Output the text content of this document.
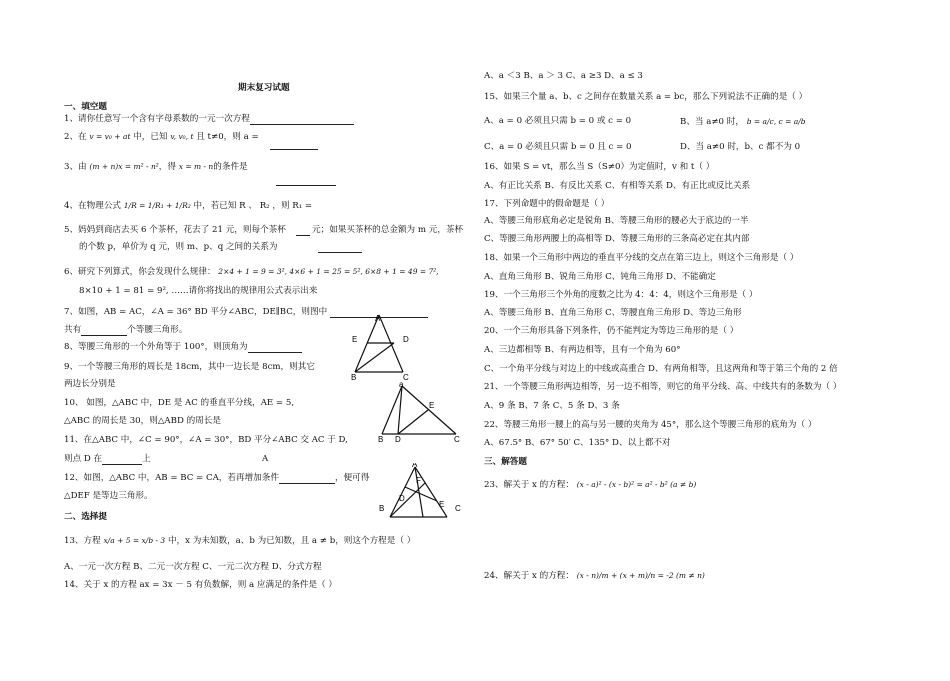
期末复习试题
一、填空题
1、请你任意写一个含有字母系数的一元一次方程
2、在 v = v₀ + at 中，已知 v, v₀, t 且 t≠0，则 a =
3、由 (m + n)x = m² - n²，得 x = m - n的条件是
4、在物理公式 1/R = 1/R₁ + 1/R₂ 中，若已知 R 、 R₂ ，则 R₁ =
5、妈妈到商店去买 6 个茶杯，花去了 21 元，则每个茶杯	元；如果买茶杯的总金额为 m 元，茶杯
的个数 p，单价为 q 元，则 m、p、q 之间的关系为
6、研究下列算式，你会发现什么规律： 2×4 + 1 = 9 = 3², 4×6 + 1 = 25 = 5², 6×8 + 1 = 49 = 7²,
8×10 + 1 = 81 = 9², ……请你将找出的规律用公式表示出来
7、如图，AB = AC，∠A = 36° BD 平分∠ABC，DE∥BC，则图中
共有	个等腰三角形。
8、等腰三角形的一个外角等于 100°，则顶角为
9、一个等腰三角形的周长是 18cm，其中一边长是 8cm，则其它
两边长分别是
10、 如图，△ABC 中，DE 是 AC 的垂直平分线，AE = 5,
△ABC 的周长是 30，则△ABD 的周长是
11、在△ABC 中，∠C = 90°，∠A = 30°，BD 平分∠ABC 交 AC 于 D,
则点 D 在	上
12、如图，△ABC 中，AB = BC = CA，若再增加条件	，便可得
△DEF 是等边三角形。
二、选择提
13、方程 x/a + 5 = x/b - 3 中，x 为未知数，a、b 为已知数，且 a ≠ b，则这个方程是（ ）
A、一元一次方程 B、二元一次方程 C、一元二次方程 D、分式方程
14、关于 x 的方程 ax = 3x － 5 有负数解，则 a 应满足的条件是（ ）
A
B	C
D
E
a
B D	C
E
A
A
B	C
D
E
F
A、a ＜3 B、a ＞ 3 C、a ≥3 D、a ≤ 3
15、如果三个量 a、b、c 之间存在数量关系 a = bc，那么下列说法不正确的是（ ）
A、a = 0 必须且只需 b = 0 或 c = 0	B、当 a≠0 时， b = a/c, c = a/b
C、a = 0 必须且只需 b = 0 且 c = 0	D、当 a≠0 时，b、c 都不为 0
16、如果 S = vt，那么当 S（S≠0）为定值时，v 和 t（ ）
A、有正比关系 B、有反比关系 C、有相等关系 D、有正比或反比关系
17、下列命题中的假命题是（ ）
A、等腰三角形底角必定是锐角 B、等腰三角形的腰必大于底边的一半
C、等腰三角形两腰上的高相等 D、等腰三角形的三条高必定在其内部
18、如果一个三角形中两边的垂直平分线的交点在第三边上，则这个三角形是（ ）
A、直角三角形 B、锐角三角形 C、钝角三角形 D、不能确定
19、一个三角形三个外角的度数之比为 4：4：4，则这个三角形是（ ）
A、等腰三角形 B、直角三角形 C、等腰直角三角形 D、等边三角形
20、一个三角形具备下列条件，仍不能判定为等边三角形的是（ ）
A、三边都相等 B、有两边相等，且有一个角为 60°
C、一个角平分线与对边上的中线或高重合 D、有两角相等，且这两角和等于第三个角的 2 倍
21、一个等腰三角形两边相等，另一边不相等，则它的角平分线、高、中线共有的条数为（ ）
A、9 条 B、7 条 C、5 条 D、3 条
22、等腰三角形一腰上的高与另一腰的夹角为 45°，那么这个等腰三角形的底角为（ ）
A、67.5° B、67° 50′ C、135° D、以上都不对
三、解答题
23、解关于 x 的方程： (x - a)² - (x - b)² = a² - b² (a ≠ b)
24、解关于 x 的方程： (x - n)/m + (x + m)/n = -2 (m ≠ n)
